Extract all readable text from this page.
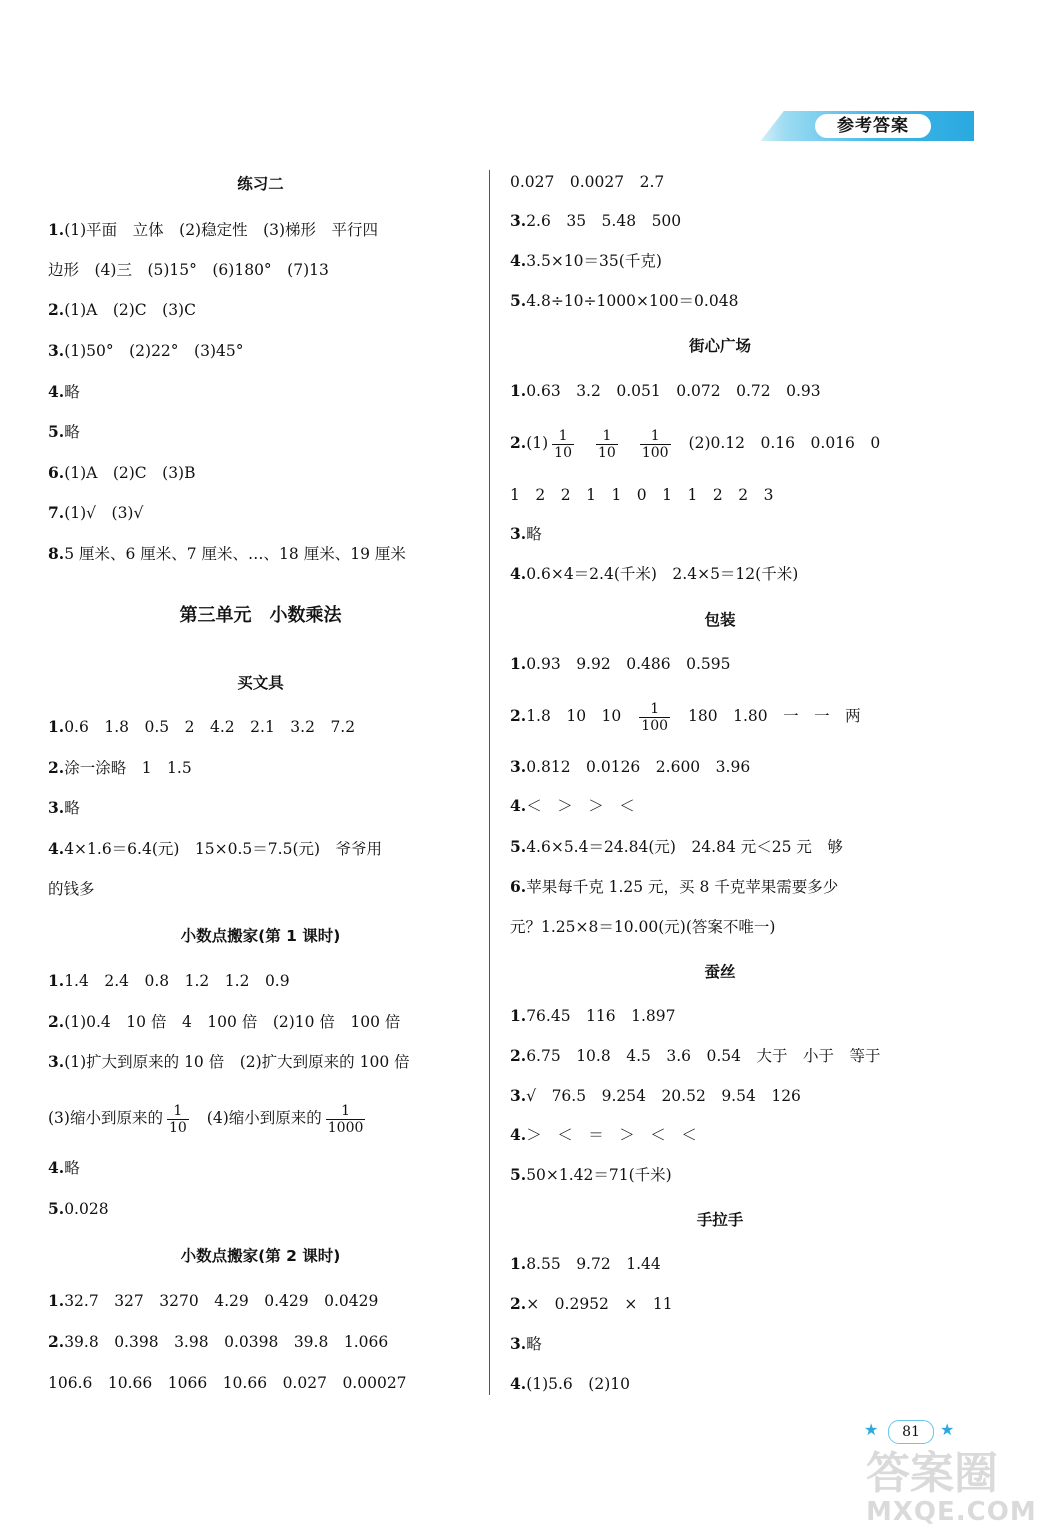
参考答案
练习二
1.(1)平面　立体　(2)稳定性　(3)梯形　平行四
边形　(4)三　(5)15°　(6)180°　(7)13
2.(1)A　(2)C　(3)C
3.(1)50°　(2)22°　(3)45°
4.略
5.略
6.(1)A　(2)C　(3)B
7.(1)√　(3)√
8.5 厘米、6 厘米、7 厘米、…、18 厘米、19 厘米
第三单元　小数乘法
买文具
1.0.6　1.8　0.5　2　4.2　2.1　3.2　7.2
2.涂一涂略　1　1.5
3.略
4.4×1.6＝6.4(元)　15×0.5＝7.5(元)　爷爷用
的钱多
小数点搬家(第 1 课时)
1.1.4　2.4　0.8　1.2　1.2　0.9
2.(1)0.4　10 倍　4　100 倍　(2)10 倍　100 倍
3.(1)扩大到原来的 10 倍　(2)扩大到原来的 100 倍
(3)缩小到原来的 $\frac{1}{10} (4)$缩小到原来的 $\frac{1}{1000}$
4.略
5.0.028
小数点搬家(第 2 课时)
1.32.7　327　3270　4.29　0.429　0.0429
2.39.8　0.398　3.98　0.0398　39.8　1.066
106.6　10.66　1066　10.66　0.027　0.00027
0.027　0.0027　2.7
3.2.6　35　5.48　500
4.3.5×10＝35(千克)
5.4.8÷10÷1000×100＝0.048
街心广场
1.0.63　3.2　0.051　0.072　0.72　0.93
$2.(1) \frac{1}{10} \frac{1}{10} \frac{1}{100} (2)0.12$　0.16　0.016　0
1　2　2　1　1　0　1　1　2　2　3
3.略
4.0.6×4＝2.4(千米)　2.4×5＝12(千米)
包装
1.0.93　9.92　0.486　0.595
2.1.8　10　$10 \frac{1}{100} 180$　1.80　一　一　两
3.0.812　0.0126　2.600　3.96
4.＜　＞　＞　＜
5.4.6×5.4＝24.84(元)　24.84 元＜25 元　够
6.苹果每千克 1.25 元，买 8 千克苹果需要多少
元？1.25×8＝10.00(元)(答案不唯一)
蚕丝
1.76.45　116　1.897
2.6.75　10.8　4.5　3.6　0.54　大于　小于　等于
3.√　76.5　9.254　20.52　9.54　126
4.＞　＜　＝　＞　＜　＜
5.50×1.42＝71(千米)
手拉手
1.8.55　9.72　1.44
2.×　0.2952　×　11
3.略
4.(1)5.6　(2)10
★	81	★
答案圈
MXQE.COM
